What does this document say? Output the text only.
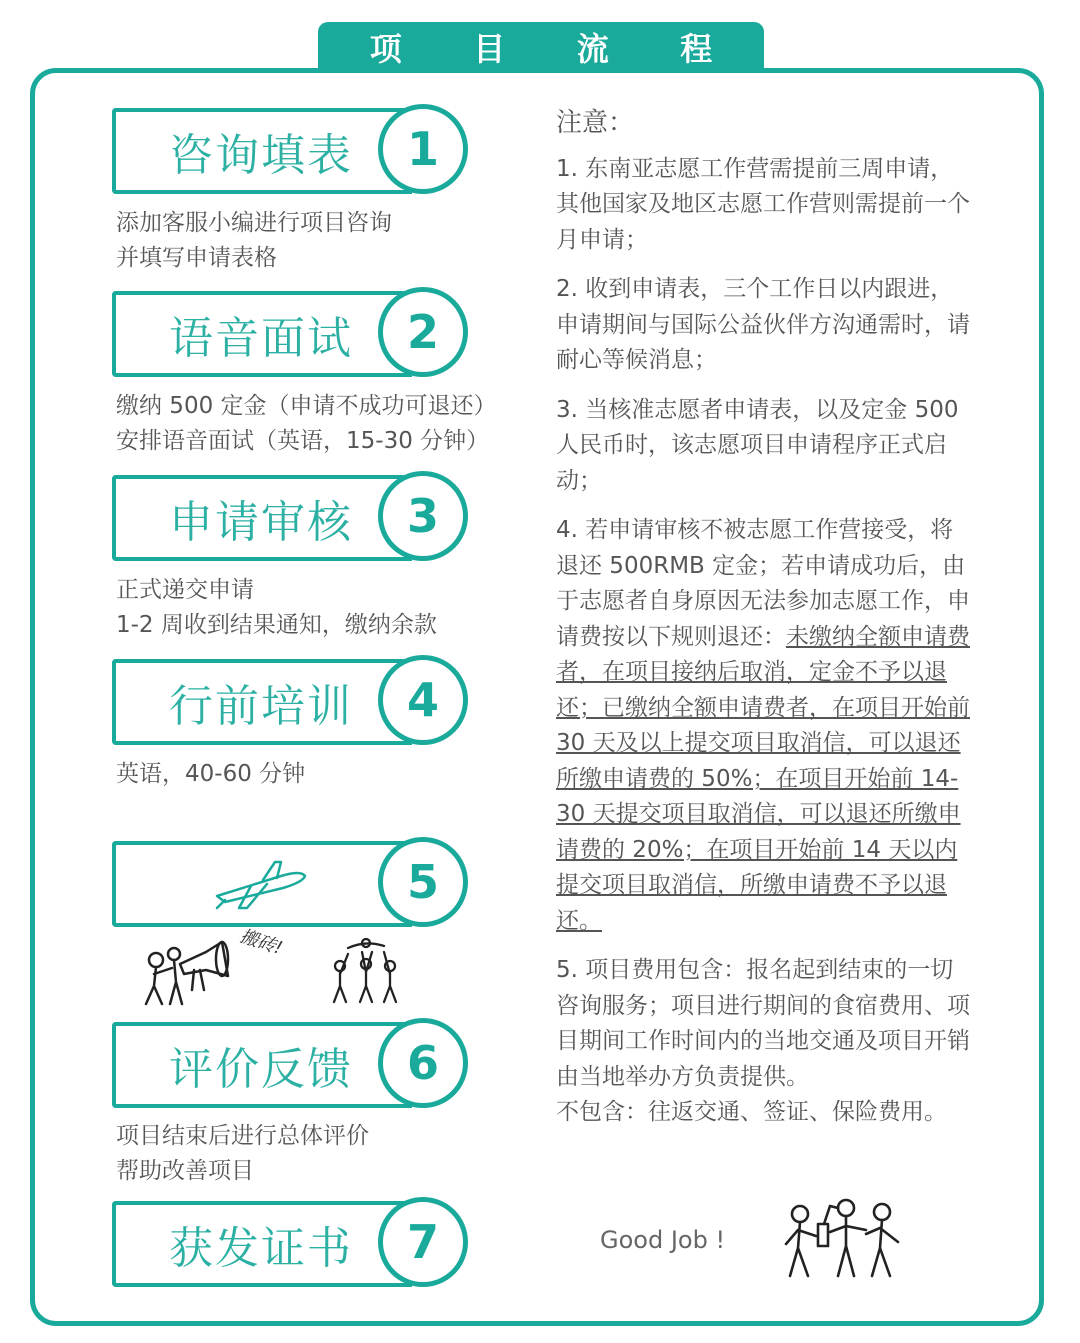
项 目 流 程
咨询填表	1
添加客服小编进行项目咨询
并填写申请表格
语音面试	2
缴纳 500 定金（申请不成功可退还）
安排语音面试（英语，15-30 分钟）
申请审核	3
正式递交申请
1-2 周收到结果通知，缴纳余款
行前培训	4
英语，40-60 分钟
5
搬砖!
评价反馈	6
项目结束后进行总体评价
帮助改善项目
获发证书	7
注意：

1. 东南亚志愿工作营需提前三周申请，其他国家及地区志愿工作营则需提前一个月申请；

2. 收到申请表，三个工作日以内跟进，申请期间与国际公益伙伴方沟通需时，请耐心等候消息；

3. 当核准志愿者申请表，以及定金 500 人民币时，该志愿项目申请程序正式启动；

4. 若申请审核不被志愿工作营接受，将退还 500RMB 定金；若申请成功后，由于志愿者自身原因无法参加志愿工作，申请费按以下规则退还：未缴纳全额申请费者，在项目接纳后取消，定金不予以退还；已缴纳全额申请费者，在项目开始前 30 天及以上提交项目取消信，可以退还所缴申请费的 50%；在项目开始前 14-30 天提交项目取消信，可以退还所缴申请费的 20%；在项目开始前 14 天以内提交项目取消信，所缴申请费不予以退还。

5. 项目费用包含：报名起到结束的一切咨询服务；项目进行期间的食宿费用、项目期间工作时间内的当地交通及项目开销由当地举办方负责提供。
不包含：往返交通、签证、保险费用。

Good Job !
